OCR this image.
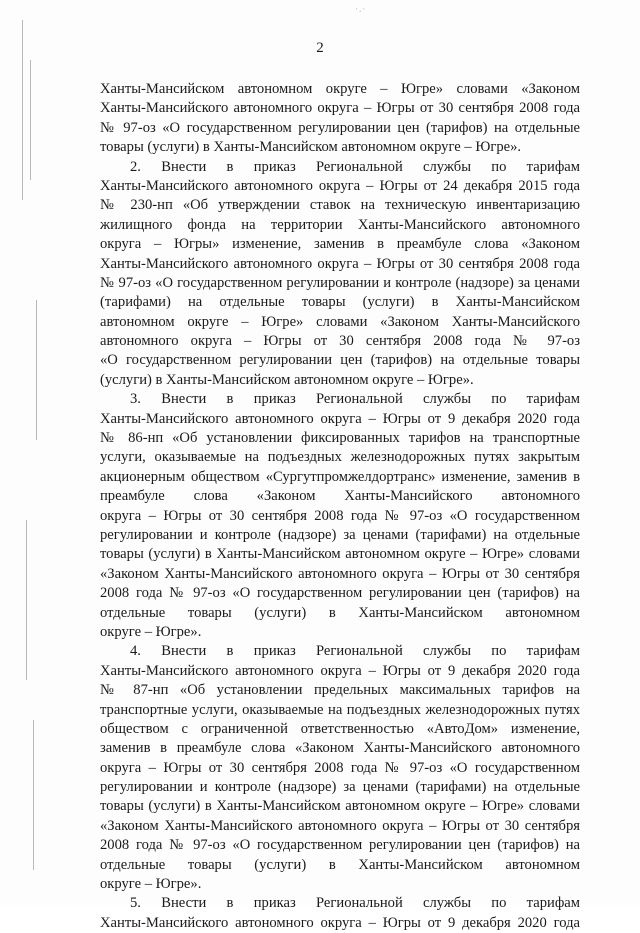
·.·
2
Ханты-Мансийском автономном округе – Югре» словами «Законом
Ханты-Мансийского автономного округа – Югры от 30 сентября 2008 года
№ 97-оз «О государственном регулировании цен (тарифов) на отдельные
товары (услуги) в Ханты-Мансийском автономном округе – Югре».
2. Внести в приказ Региональной службы по тарифам
Ханты-Мансийского автономного округа – Югры от 24 декабря 2015 года
№ 230-нп «Об утверждении ставок на техническую инвентаризацию
жилищного фонда на территории Ханты-Мансийского автономного
округа – Югры» изменение, заменив в преамбуле слова «Законом
Ханты-Мансийского автономного округа – Югры от 30 сентября 2008 года
№ 97-оз «О государственном регулировании и контроле (надзоре) за ценами
(тарифами) на отдельные товары (услуги) в Ханты-Мансийском
автономном округе – Югре» словами «Законом Ханты-Мансийского
автономного округа – Югры от 30 сентября 2008 года № 97-оз
«О государственном регулировании цен (тарифов) на отдельные товары
(услуги) в Ханты-Мансийском автономном округе – Югре».
3. Внести в приказ Региональной службы по тарифам
Ханты-Мансийского автономного округа – Югры от 9 декабря 2020 года
№ 86-нп «Об установлении фиксированных тарифов на транспортные
услуги, оказываемые на подъездных железнодорожных путях закрытым
акционерным обществом «Сургутпромжелдортранс» изменение, заменив в
преамбуле слова «Законом Ханты-Мансийского автономного
округа – Югры от 30 сентября 2008 года № 97-оз «О государственном
регулировании и контроле (надзоре) за ценами (тарифами) на отдельные
товары (услуги) в Ханты-Мансийском автономном округе – Югре» словами
«Законом Ханты-Мансийского автономного округа – Югры от 30 сентября
2008 года № 97-оз «О государственном регулировании цен (тарифов) на
отдельные товары (услуги) в Ханты-Мансийском автономном
округе – Югре».
4. Внести в приказ Региональной службы по тарифам
Ханты-Мансийского автономного округа – Югры от 9 декабря 2020 года
№ 87-нп «Об установлении предельных максимальных тарифов на
транспортные услуги, оказываемые на подъездных железнодорожных путях
обществом с ограниченной ответственностью «АвтоДом» изменение,
заменив в преамбуле слова «Законом Ханты-Мансийского автономного
округа – Югры от 30 сентября 2008 года № 97-оз «О государственном
регулировании и контроле (надзоре) за ценами (тарифами) на отдельные
товары (услуги) в Ханты-Мансийском автономном округе – Югре» словами
«Законом Ханты-Мансийского автономного округа – Югры от 30 сентября
2008 года № 97-оз «О государственном регулировании цен (тарифов) на
отдельные товары (услуги) в Ханты-Мансийском автономном
округе – Югре».
5. Внести в приказ Региональной службы по тарифам
Ханты-Мансийского автономного округа – Югры от 9 декабря 2020 года
